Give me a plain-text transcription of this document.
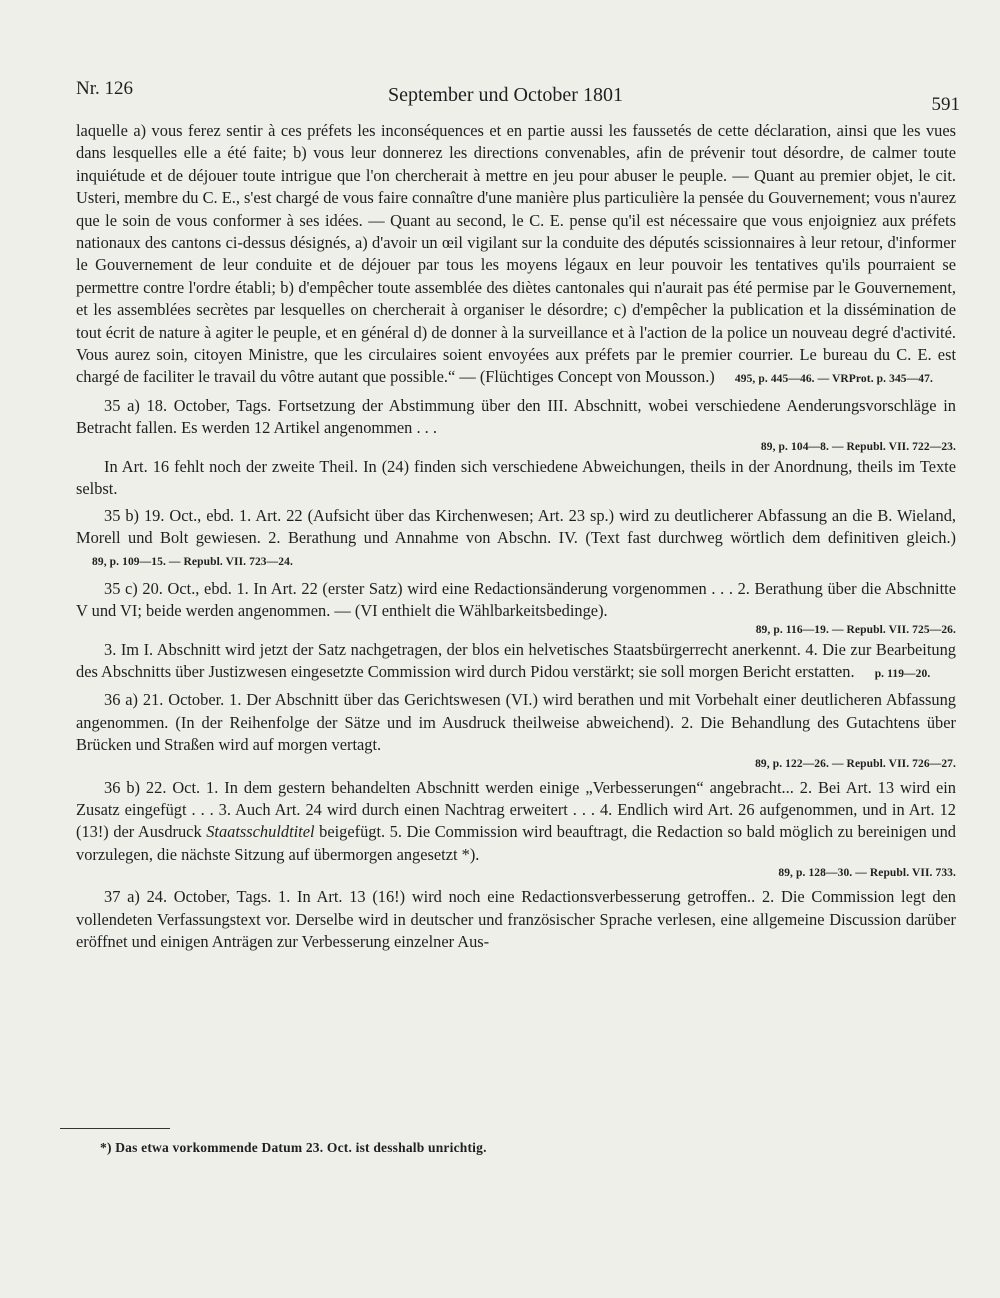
Nr. 126	September und October 1801	591

laquelle a) vous ferez sentir à ces préfets les inconséquences et en partie aussi les faussetés de cette déclaration, ainsi que les vues dans lesquelles elle a été faite; b) vous leur donnerez les directions convenables, afin de prévenir tout désordre, de calmer toute inquiétude et de déjouer toute intrigue que l'on chercherait à mettre en jeu pour abuser le peuple. — Quant au premier objet, le cit. Usteri, membre du C. E., s'est chargé de vous faire connaître d'une manière plus particulière la pensée du Gouvernement; vous n'aurez que le soin de vous conformer à ses idées. — Quant au second, le C. E. pense qu'il est nécessaire que vous enjoigniez aux préfets nationaux des cantons ci-dessus désignés, a) d'avoir un œil vigilant sur la conduite des députés scissionnaires à leur retour, d'informer le Gouvernement de leur conduite et de déjouer par tous les moyens légaux en leur pouvoir les tentatives qu'ils pourraient se permettre contre l'ordre établi; b) d'empêcher toute assemblée des diètes cantonales qui n'aurait pas été permise par le Gouvernement, et les assemblées secrètes par lesquelles on chercherait à organiser le désordre; c) d'empêcher la publication et la dissémination de tout écrit de nature à agiter le peuple, et en général d) de donner à la surveillance et à l'action de la police un nouveau degré d'activité. Vous aurez soin, citoyen Ministre, que les circulaires soient envoyées aux préfets par le premier courrier. Le bureau du C. E. est chargé de faciliter le travail du vôtre autant que possible.“ — (Flüchtiges Concept von Mousson.) 495, p. 445—46. — VRProt. p. 345—47.

35 a) 18. October, Tags. Fortsetzung der Abstimmung über den III. Abschnitt, wobei verschiedene Aenderungsvorschläge in Betracht fallen. Es werden 12 Artikel angenommen . . .
89, p. 104—8. — Republ. VII. 722—23.

In Art. 16 fehlt noch der zweite Theil. In (24) finden sich verschiedene Abweichungen, theils in der Anordnung, theils im Texte selbst.

35 b) 19. Oct., ebd. 1. Art. 22 (Aufsicht über das Kirchenwesen; Art. 23 sp.) wird zu deutlicherer Abfassung an die B. Wieland, Morell und Bolt gewiesen. 2. Berathung und Annahme von Abschn. IV. (Text fast durchweg wörtlich dem definitiven gleich.) 89, p. 109—15. — Republ. VII. 723—24.

35 c) 20. Oct., ebd. 1. In Art. 22 (erster Satz) wird eine Redactionsänderung vorgenommen . . . 2. Berathung über die Abschnitte V und VI; beide werden angenommen. — (VI enthielt die Wählbarkeitsbedinge).
89, p. 116—19. — Republ. VII. 725—26.

3. Im I. Abschnitt wird jetzt der Satz nachgetragen, der blos ein helvetisches Staatsbürgerrecht anerkennt. 4. Die zur Bearbeitung des Abschnitts über Justizwesen eingesetzte Commission wird durch Pidou verstärkt; sie soll morgen Bericht erstatten. p. 119—20.

36 a) 21. October. 1. Der Abschnitt über das Gerichtswesen (VI.) wird berathen und mit Vorbehalt einer deutlicheren Abfassung angenommen. (In der Reihenfolge der Sätze und im Ausdruck theilweise abweichend). 2. Die Behandlung des Gutachtens über Brücken und Straßen wird auf morgen vertagt.
89, p. 122—26. — Republ. VII. 726—27.

36 b) 22. Oct. 1. In dem gestern behandelten Abschnitt werden einige „Verbesserungen“ angebracht... 2. Bei Art. 13 wird ein Zusatz eingefügt . . . 3. Auch Art. 24 wird durch einen Nachtrag erweitert . . . 4. Endlich wird Art. 26 aufgenommen, und in Art. 12 (13!) der Ausdruck Staatsschuldtitel beigefügt. 5. Die Commission wird beauftragt, die Redaction so bald möglich zu bereinigen und vorzulegen, die nächste Sitzung auf übermorgen angesetzt *).
89, p. 128—30. — Republ. VII. 733.

37 a) 24. October, Tags. 1. In Art. 13 (16!) wird noch eine Redactionsverbesserung getroffen.. 2. Die Commission legt den vollendeten Verfassungstext vor. Derselbe wird in deutscher und französischer Sprache verlesen, eine allgemeine Discussion darüber eröffnet und einigen Anträgen zur Verbesserung einzelner Aus-

*) Das etwa vorkommende Datum 23. Oct. ist desshalb unrichtig.
